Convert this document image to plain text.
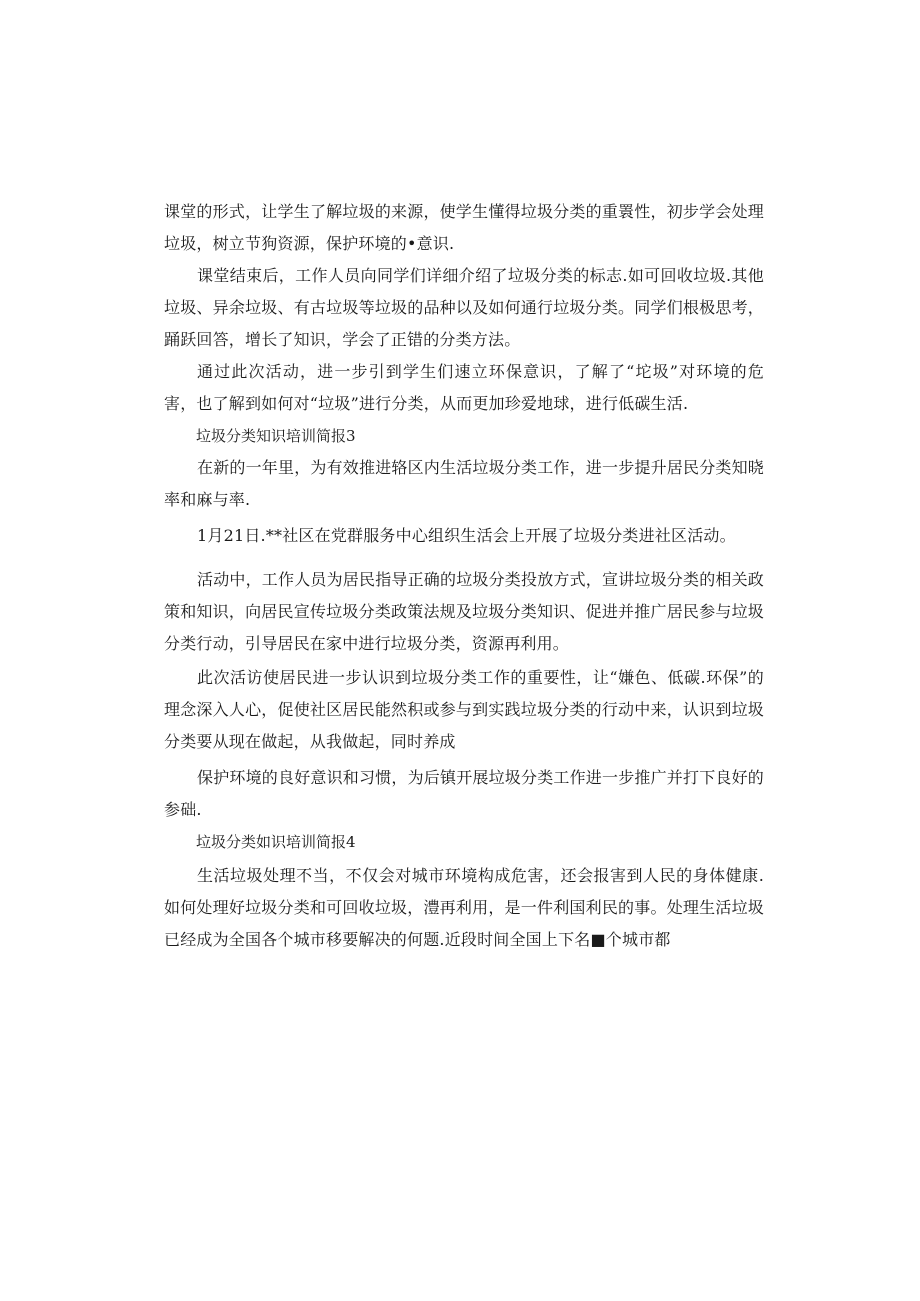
课堂的形式，让学生了解垃圾的来源，使学生懂得垃圾分类的重瞏性，初步学会处理垃圾，树立节狗资源，保护环境的•意识.

课堂结束后，工作人员向同学们详细介绍了垃圾分类的标志.如可回收垃圾.其他垃圾、异余垃圾、有古垃圾等垃圾的品种以及如何通行垃圾分类。同学们根极思考，踊跃回答，增长了知识，学会了正错的分类方法。

通过此次活动，进一步引到学生们速立环保意识，了解了“坨圾”对环境的危害，也了解到如何对“垃圾”进行分类，从而更加珍爱地球，进行低碳生活.

垃圾分类知识培训简报3

在新的一年里，为有效推进辂区内生活垃圾分类工作，进一步提升居民分类知晓率和麻与率.

1月21日.**社区在党群服务中心组织生活会上开展了垃圾分类进社区活动。

活动中，工作人员为居民指导正确的垃圾分类投放方式，宣讲垃圾分类的相关政策和知识，向居民宣传垃圾分类政策法规及垃圾分类知识、促进并推广居民参与垃圾分类行动，引导居民在家中进行垃圾分类，资源再利用。

此次活访使居民进一步认识到垃圾分类工作的重要性，让“嫌色、低碳.环保”的理念深入人心，促使社区居民能然积或参与到实践垃圾分类的行动中来，认识到垃圾分类要从现在做起，从我做起，同时养成

保护环境的良好意识和习惯，为后镇开展垃圾分类工作进一步推广并打下良好的参础.

垃圾分类如识培训简报4

生活垃圾处理不当，不仅会对城市环境构成危害，还会报害到人民的身体健康.如何处理好垃圾分类和可回收垃圾，澧再利用，是一件利国利民的事。处理生活垃圾已经成为全国各个城市移要解决的何题.近段时间全国上下名■个城市都
